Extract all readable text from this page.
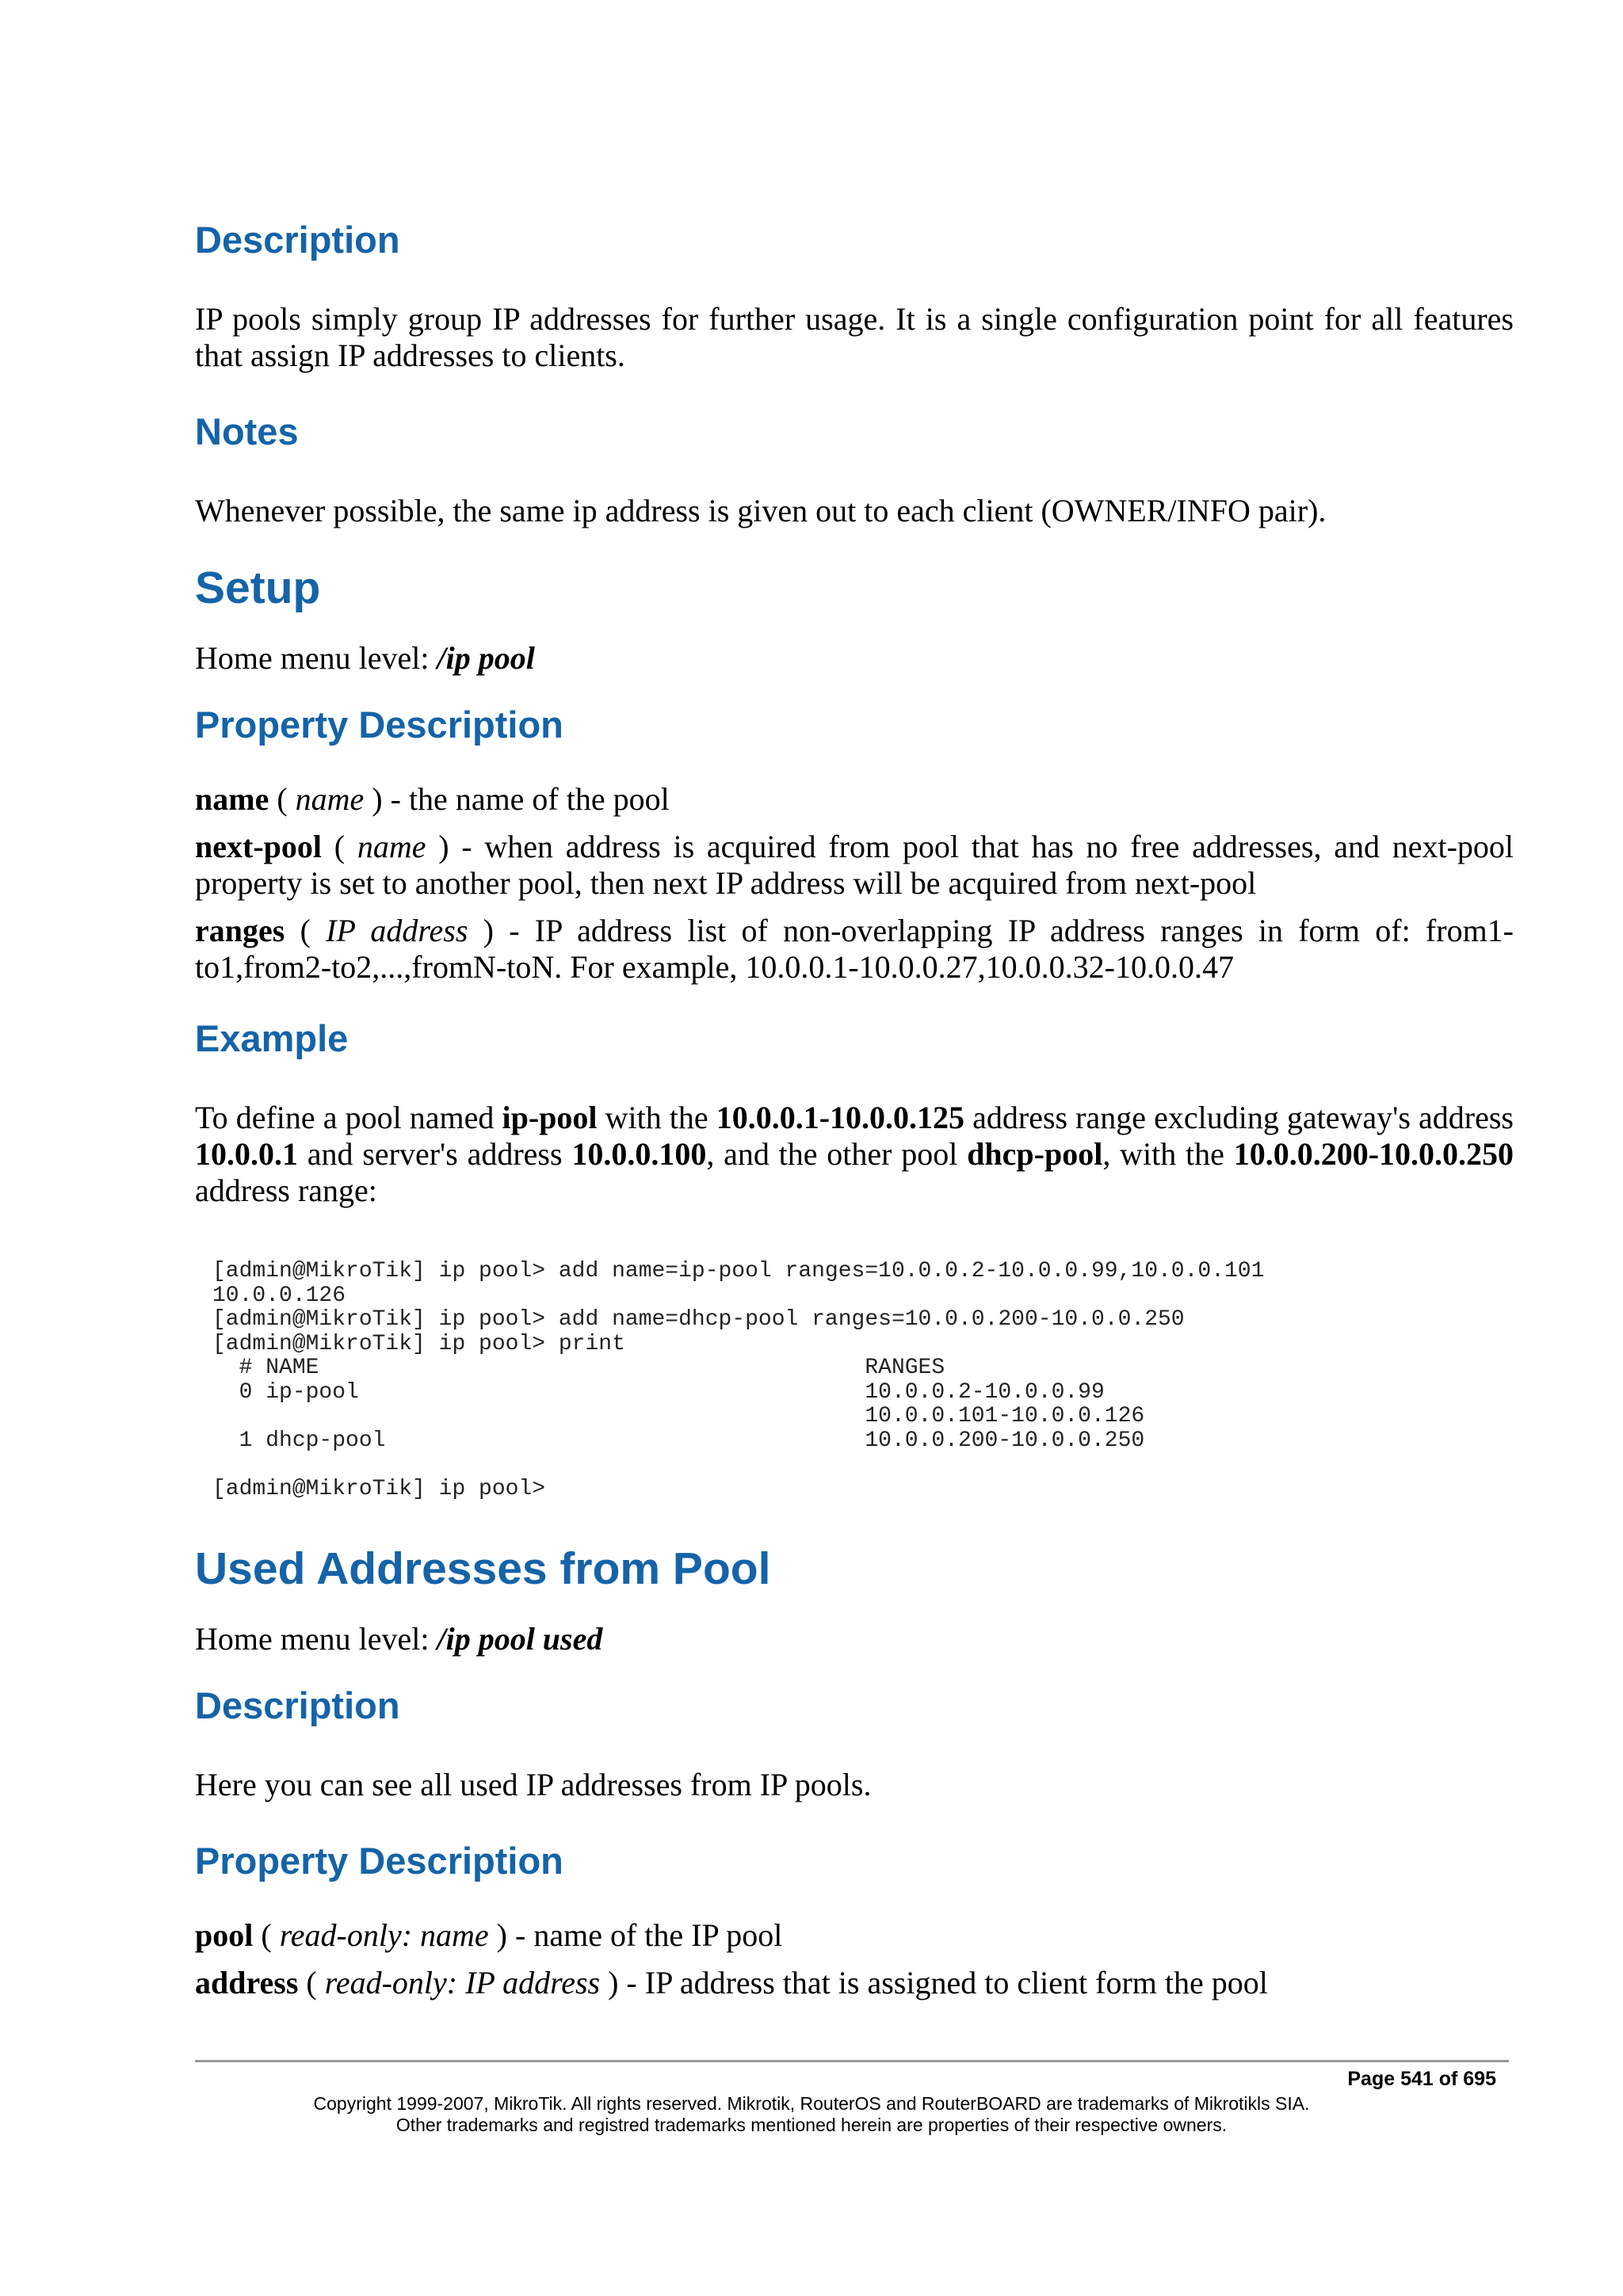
Description

IP pools simply group IP addresses for further usage. It is a single configuration point for all features that assign IP addresses to clients.

Notes

Whenever possible, the same ip address is given out to each client (OWNER/INFO pair).

Setup

Home menu level: /ip pool

Property Description

name ( name ) - the name of the pool

next-pool ( name ) - when address is acquired from pool that has no free addresses, and next-pool property is set to another pool, then next IP address will be acquired from next-pool

ranges ( IP address ) - IP address list of non-overlapping IP address ranges in form of: from1-to1,from2-to2,...,fromN-toN. For example, 10.0.0.1-10.0.0.27,10.0.0.32-10.0.0.47

Example

To define a pool named ip-pool with the 10.0.0.1-10.0.0.125 address range excluding gateway's address 10.0.0.1 and server's address 10.0.0.100, and the other pool dhcp-pool, with the 10.0.0.200-10.0.0.250 address range:

[admin@MikroTik] ip pool> add name=ip-pool ranges=10.0.0.2-10.0.0.99,10.0.0.101
10.0.0.126
[admin@MikroTik] ip pool> add name=dhcp-pool ranges=10.0.0.200-10.0.0.250
[admin@MikroTik] ip pool> print
# NAME                                         RANGES
0 ip-pool                                      10.0.0.2-10.0.0.99
10.0.0.101-10.0.0.126
1 dhcp-pool                                    10.0.0.200-10.0.0.250

[admin@MikroTik] ip pool>
Used Addresses from Pool

Home menu level: /ip pool used

Description

Here you can see all used IP addresses from IP pools.

Property Description

pool ( read-only: name ) - name of the IP pool

address ( read-only: IP address ) - IP address that is assigned to client form the pool

Page 541 of 695
Copyright 1999-2007, MikroTik. All rights reserved. Mikrotik, RouterOS and RouterBOARD are trademarks of Mikrotikls SIA.
Other trademarks and registred trademarks mentioned herein are properties of their respective owners.
